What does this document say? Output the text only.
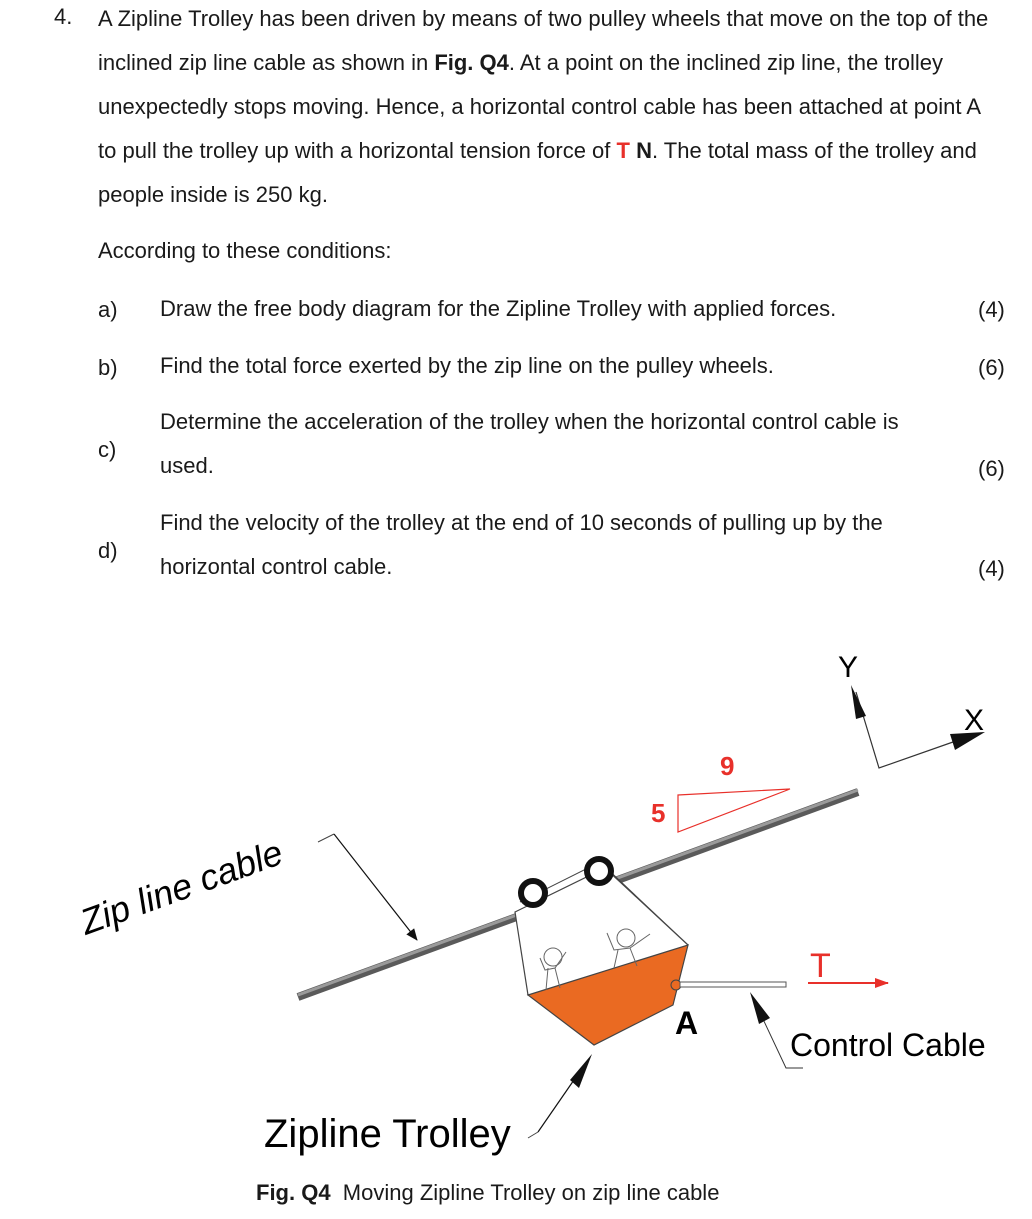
4. A Zipline Trolley has been driven by means of two pulley wheels that move on the top of the inclined zip line cable as shown in Fig. Q4. At a point on the inclined zip line, the trolley unexpectedly stops moving. Hence, a horizontal control cable has been attached at point A to pull the trolley up with a horizontal tension force of T N. The total mass of the trolley and people inside is 250 kg.
According to these conditions:
a) Draw the free body diagram for the Zipline Trolley with applied forces.	(4)
b) Find the total force exerted by the zip line on the pulley wheels.	(6)
c)
Determine the acceleration of the trolley when the horizontal control cable is used.	(6)
d)
Find the velocity of the trolley at the end of 10 seconds of pulling up by the horizontal control cable.	(4)
Y
X
9
5
Zip line cable
A
T
Control Cable
Zipline Trolley
Fig. Q4 Moving Zipline Trolley on zip line cable
